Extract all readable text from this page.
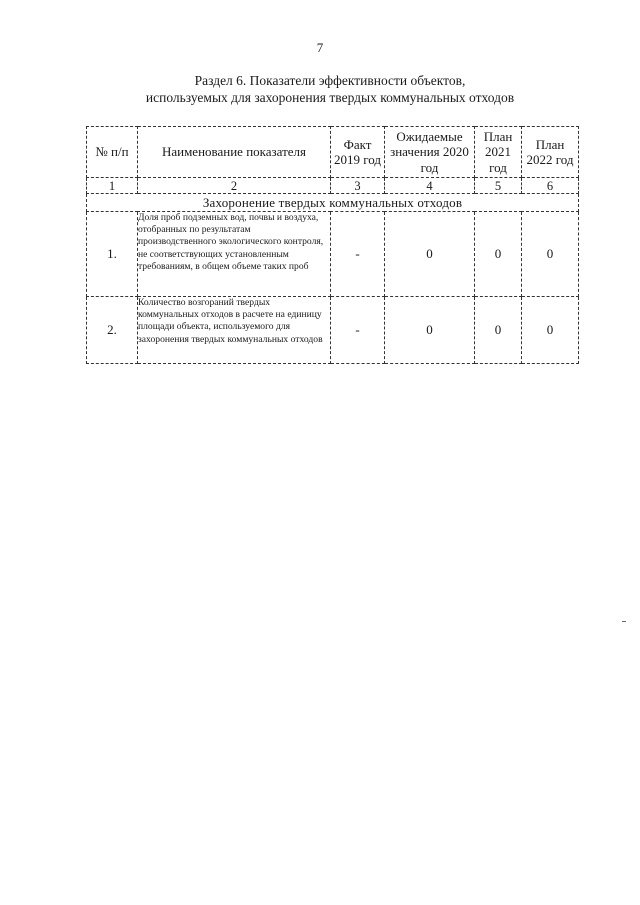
7
Раздел 6. Показатели эффективности объектов,
используемых для захоронения твердых коммунальных отходов
№ п/п	Наименование показателя	Факт 2019 год	Ожидаемые значения 2020 год	План 2021 год	План 2022 год
1	2	3	4	5	6
Захоронение твердых коммунальных отходов					
1.	Доля проб подземных вод, почвы и воздуха, отобранных по результатам производственного экологического контроля, не соответствующих установленным требованиям, в общем объеме таких проб	-	0	0	0
2.	Количество возгораний твердых коммунальных отходов в расчете на единицу площади объекта, используемого для захоронения твердых коммунальных отходов	-	0	0	0
